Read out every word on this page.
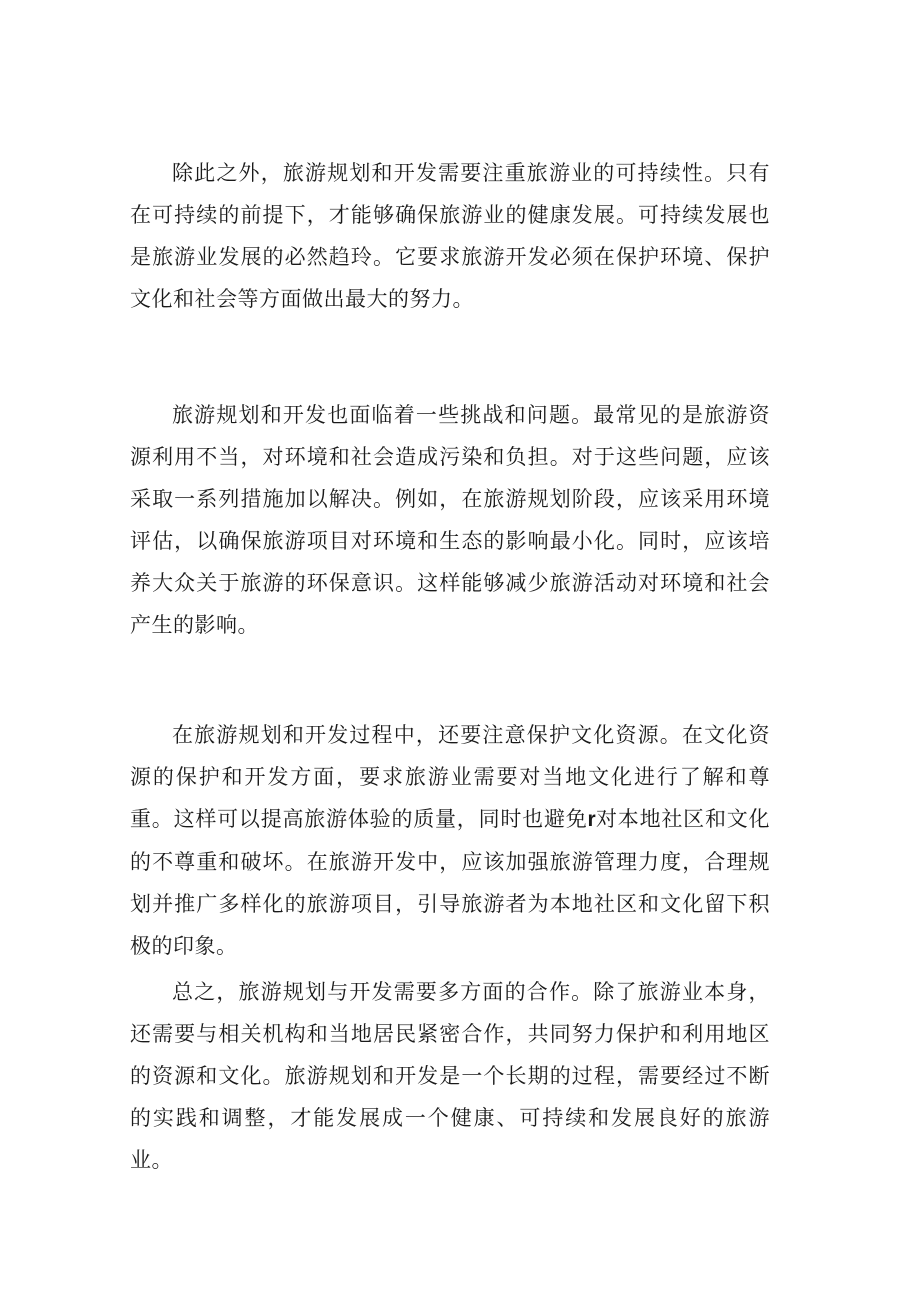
除此之外，旅游规划和开发需要注重旅游业的可持续性。只有在可持续的前提下，才能够确保旅游业的健康发展。可持续发展也是旅游业发展的必然趋玲。它要求旅游开发必须在保护环境、保护文化和社会等方面做出最大的努力。

旅游规划和开发也面临着一些挑战和问题。最常见的是旅游资源利用不当，对环境和社会造成污染和负担。对于这些问题，应该采取一系列措施加以解决。例如，在旅游规划阶段，应该采用环境评估，以确保旅游项目对环境和生态的影响最小化。同时，应该培养大众关于旅游的环保意识。这样能够减少旅游活动对环境和社会产生的影响。

在旅游规划和开发过程中，还要注意保护文化资源。在文化资源的保护和开发方面，要求旅游业需要对当地文化进行了解和尊重。这样可以提高旅游体验的质量，同时也避免r对本地社区和文化的不尊重和破坏。在旅游开发中，应该加强旅游管理力度，合理规划并推广多样化的旅游项目，引导旅游者为本地社区和文化留下积极的印象。

总之，旅游规划与开发需要多方面的合作。除了旅游业本身，还需要与相关机构和当地居民紧密合作，共同努力保护和利用地区的资源和文化。旅游规划和开发是一个长期的过程，需要经过不断的实践和调整，才能发展成一个健康、可持续和发展良好的旅游业。
